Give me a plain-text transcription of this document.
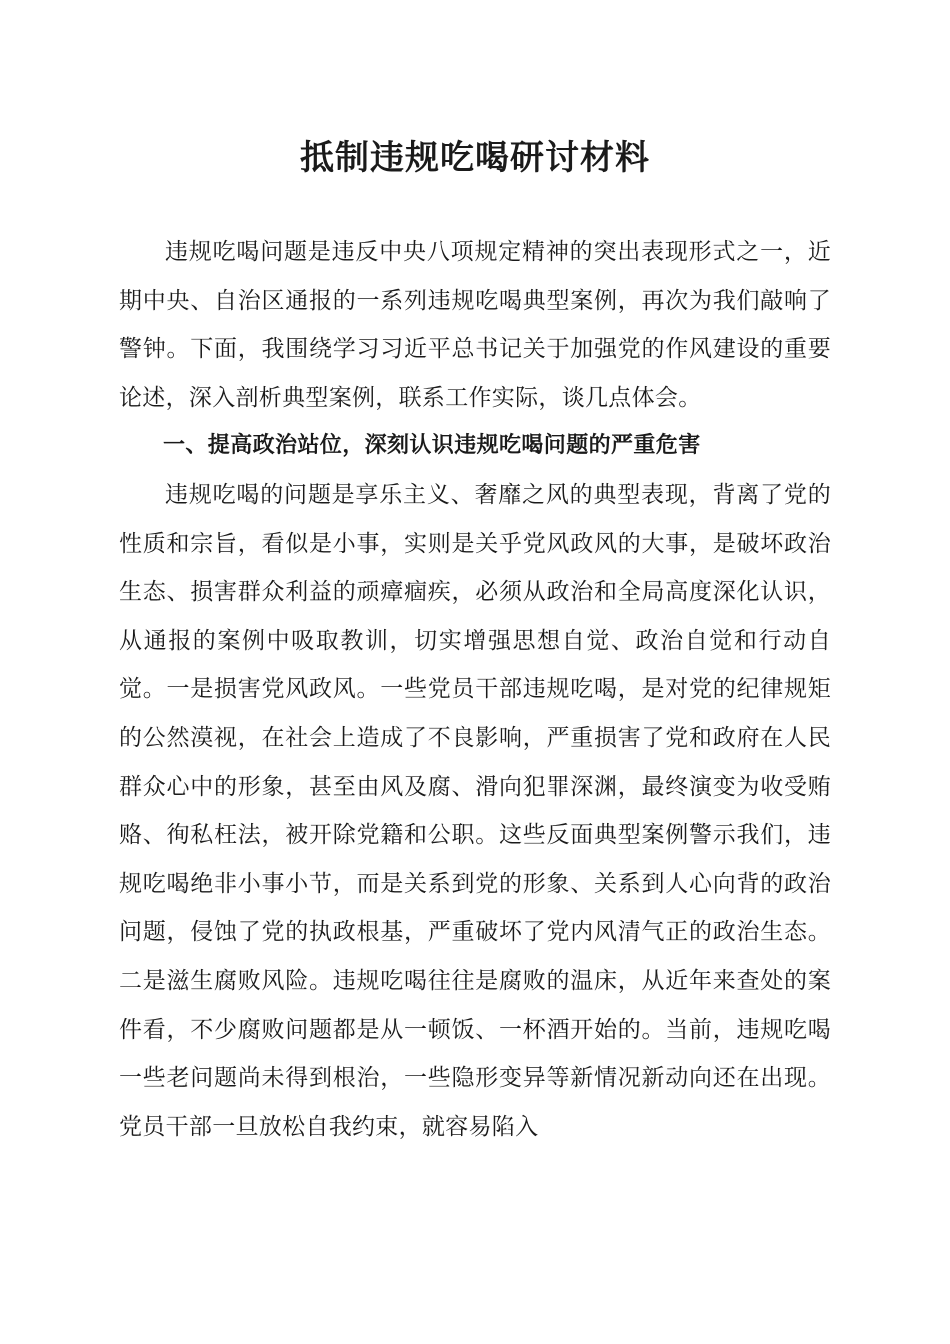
抵制违规吃喝研讨材料

违规吃喝问题是违反中央八项规定精神的突出表现形式之一，近期中央、自治区通报的一系列违规吃喝典型案例，再次为我们敲响了警钟。下面，我围绕学习习近平总书记关于加强党的作风建设的重要论述，深入剖析典型案例，联系工作实际，谈几点体会。

一、提高政治站位，深刻认识违规吃喝问题的严重危害

违规吃喝的问题是享乐主义、奢靡之风的典型表现，背离了党的性质和宗旨，看似是小事，实则是关乎党风政风的大事，是破坏政治生态、损害群众利益的顽瘴痼疾，必须从政治和全局高度深化认识，从通报的案例中吸取教训，切实增强思想自觉、政治自觉和行动自觉。一是损害党风政风。一些党员干部违规吃喝，是对党的纪律规矩的公然漠视，在社会上造成了不良影响，严重损害了党和政府在人民群众心中的形象，甚至由风及腐、滑向犯罪深渊，最终演变为收受贿赂、徇私枉法，被开除党籍和公职。这些反面典型案例警示我们，违规吃喝绝非小事小节，而是关系到党的形象、关系到人心向背的政治问题，侵蚀了党的执政根基，严重破坏了党内风清气正的政治生态。二是滋生腐败风险。违规吃喝往往是腐败的温床，从近年来查处的案件看，不少腐败问题都是从一顿饭、一杯酒开始的。当前，违规吃喝一些老问题尚未得到根治，一些隐形变异等新情况新动向还在出现。党员干部一旦放松自我约束，就容易陷入
